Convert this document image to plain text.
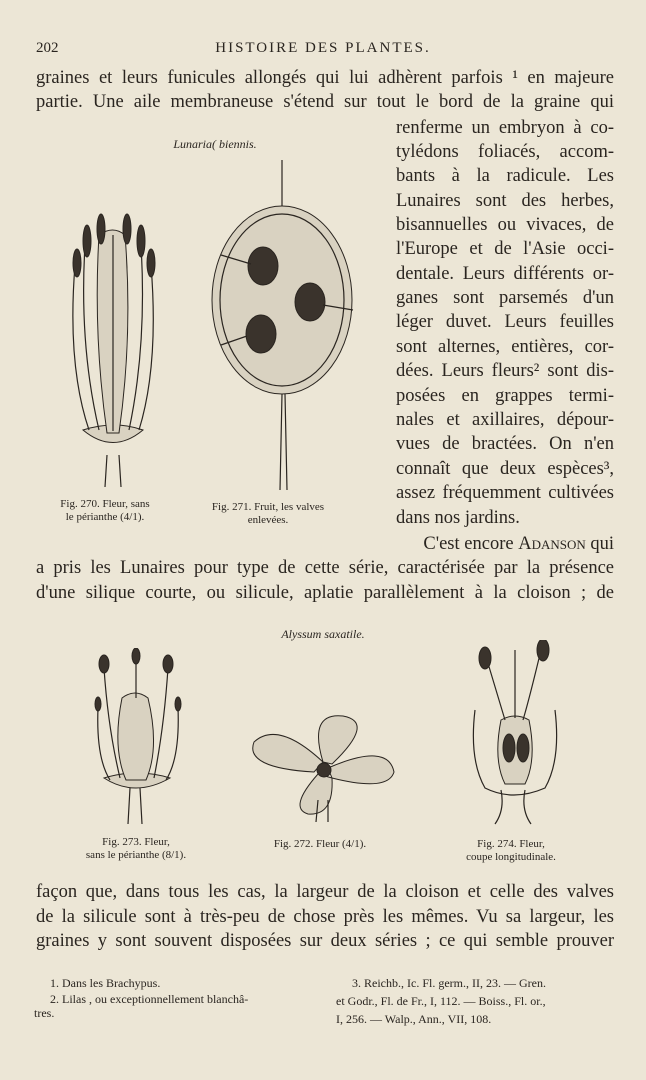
202	HISTOIRE DES PLANTES.
graines et leurs funicules allongés qui lui adhèrent parfois ¹ en majeure
partie. Une aile membraneuse s'étend sur tout le bord de la graine qui
renferme un embryon à co-
tylédons foliacés, accom-
bants à la radicule. Les
Lunaires sont des herbes,
bisannuelles ou vivaces, de
l'Europe et de l'Asie occi-
dentale. Leurs différents or-
ganes sont parsemés d'un
léger duvet. Leurs feuilles
sont alternes, entières, cor-
dées. Leurs fleurs² sont dis-
posées en grappes termi-
nales et axillaires, dépour-
vues de bractées. On n'en
connaît que deux espèces³,
assez fréquemment cultivées
dans nos jardins.
C'est encore Adanson qui
a pris les Lunaires pour type de cette série, caractérisée par la présence
d'une silique courte, ou silicule, aplatie parallèlement à la cloison ; de
Lunaria( biennis.
Fig. 270. Fleur, sans
le périanthe (4/1).
Fig. 271. Fruit, les valves
enlevées.
Alyssum saxatile.
Fig. 273. Fleur,
sans le périanthe (8/1).
Fig. 272. Fleur (4/1).	Fig. 274. Fleur,
coupe longitudinale.
façon que, dans tous les cas, la largeur de la cloison et celle des valves
de la silicule sont à très-peu de chose près les mêmes. Vu sa largeur, les
graines y sont souvent disposées sur deux séries ; ce qui semble prouver
1. Dans les Brachypus.
2. Lilas , ou exceptionnellement blanchâ-
tres.
3. Reichb., Ic. Fl. germ., II, 23. — Gren.
et Godr., Fl. de Fr., I, 112. — Boiss., Fl. or.,
I, 256. — Walp., Ann., VII, 108.
